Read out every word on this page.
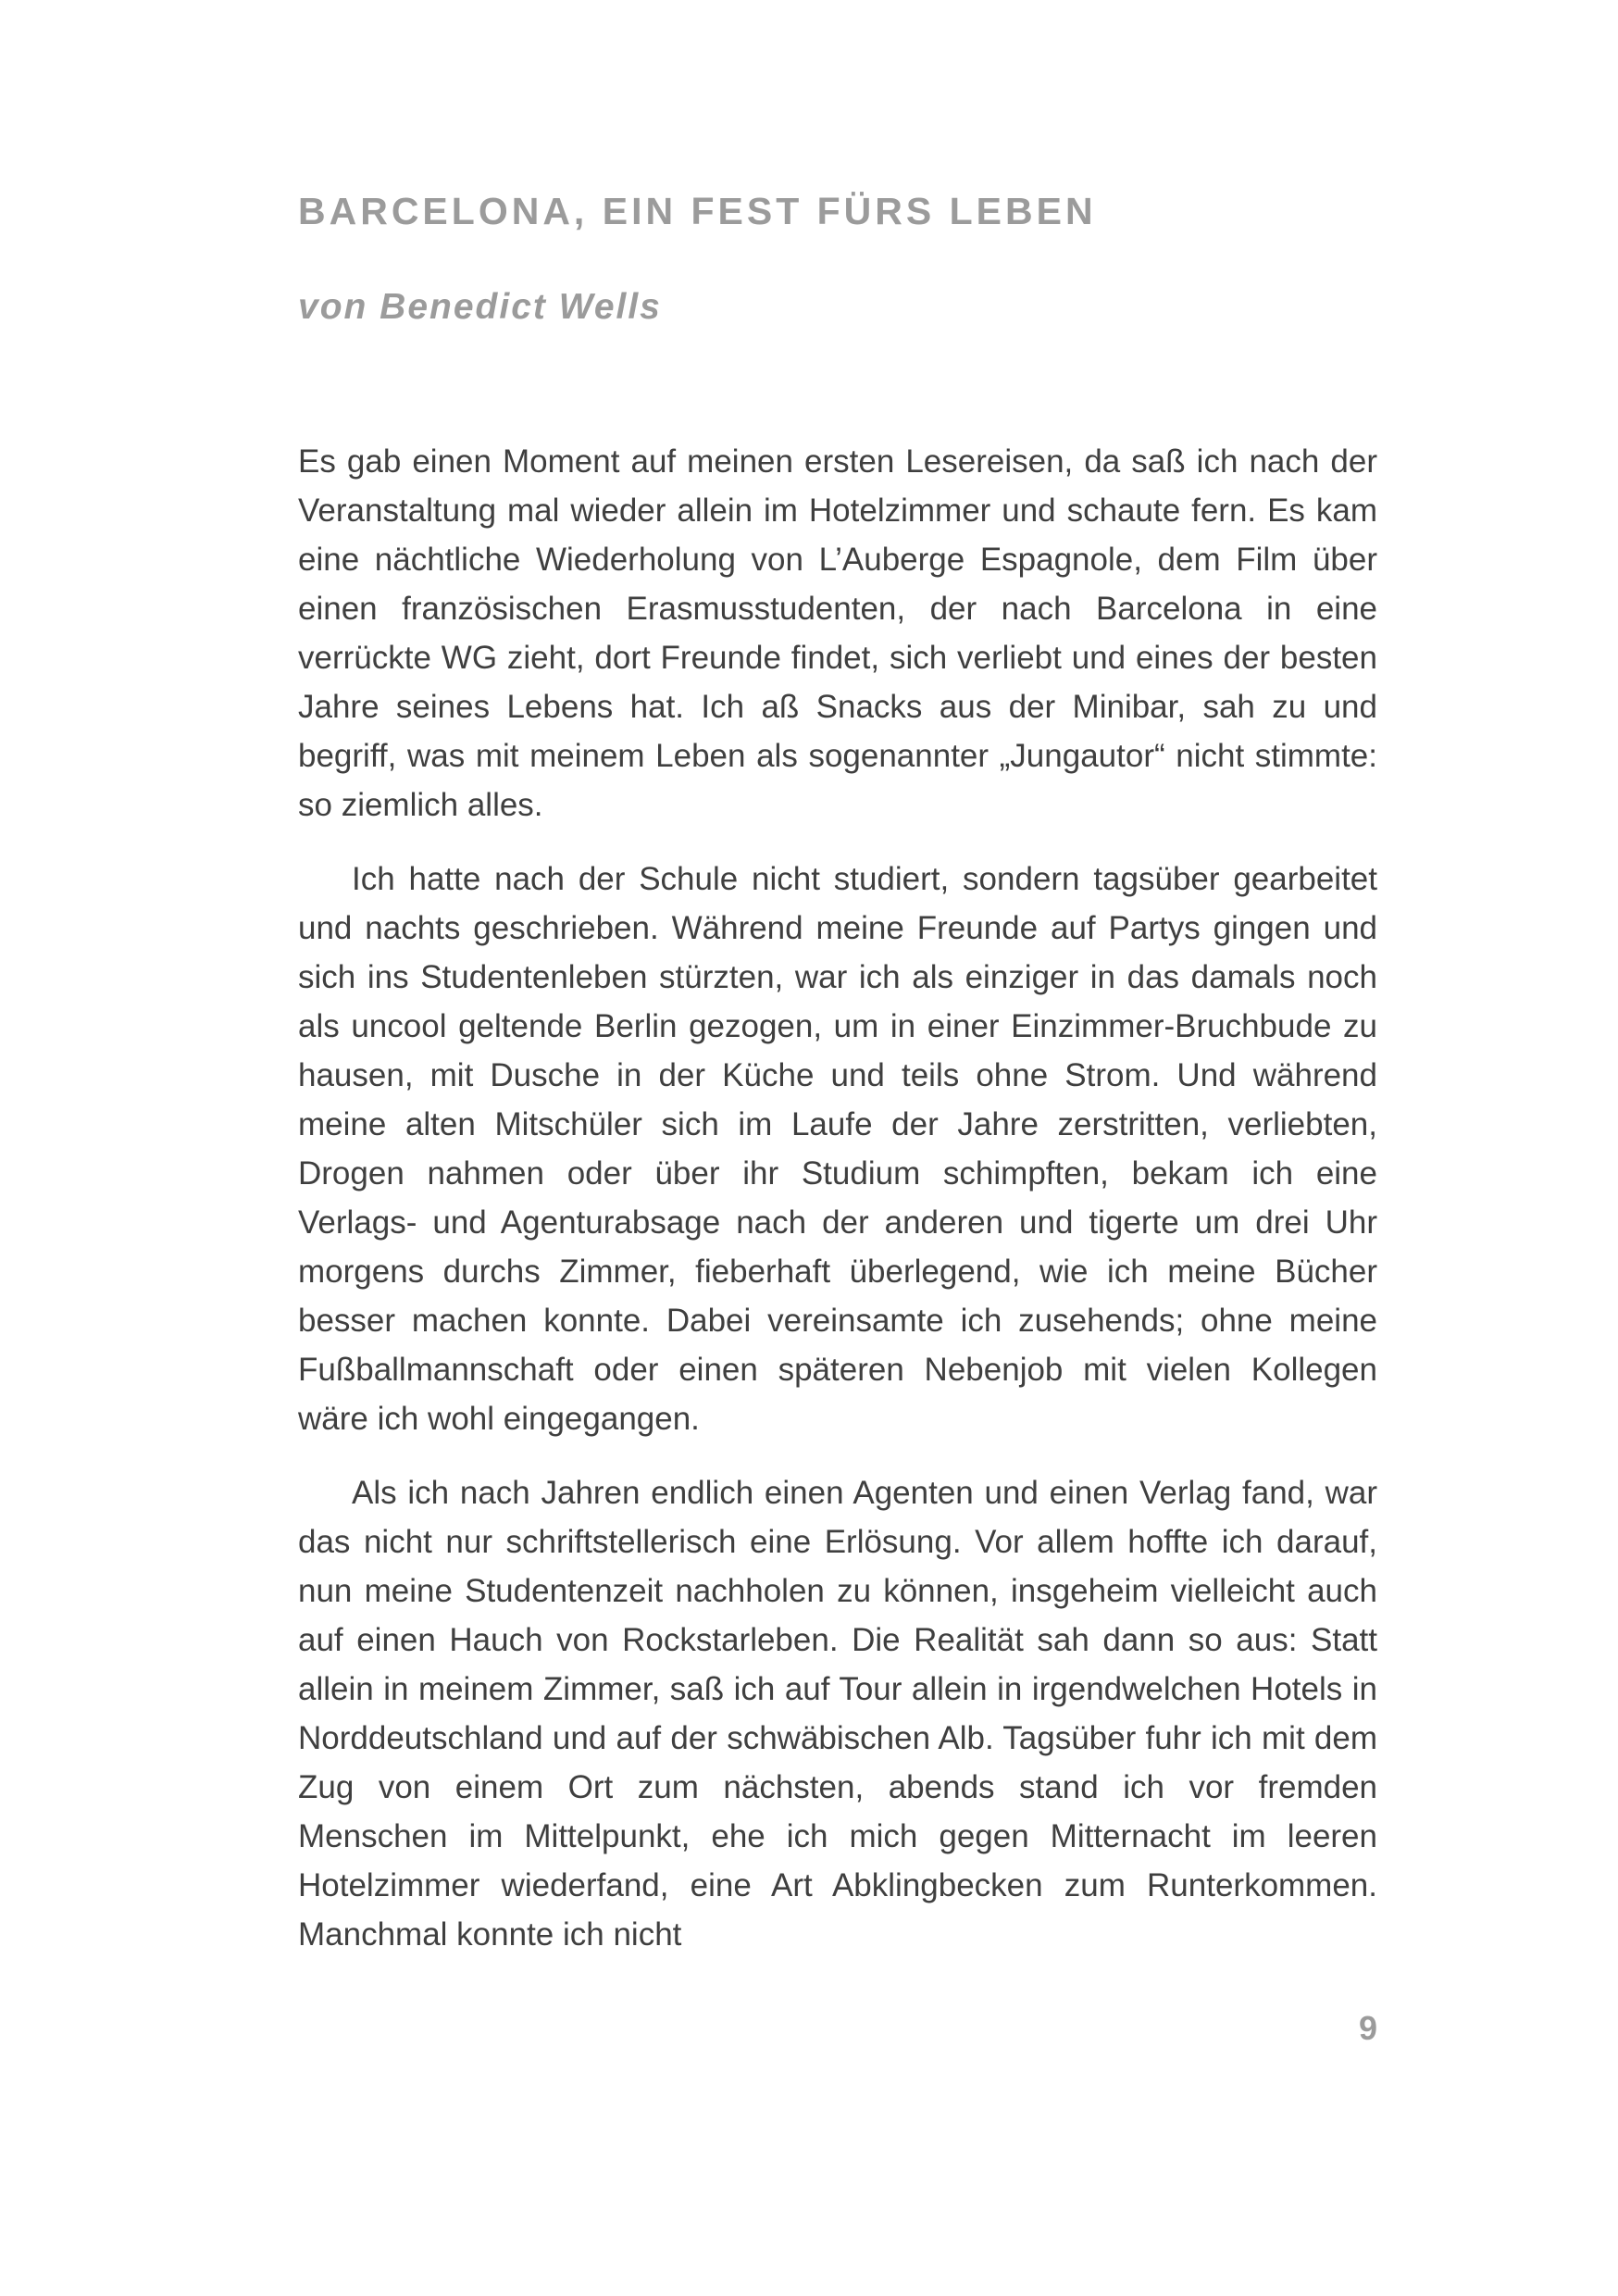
BARCELONA, EIN FEST FÜRS LEBEN
von Benedict Wells

Es gab einen Moment auf meinen ersten Lesereisen, da saß ich nach der Veranstaltung mal wieder allein im Hotelzimmer und schaute fern. Es kam eine nächtliche Wiederholung von L’Auberge Espagnole, dem Film über einen französischen Erasmusstudenten, der nach Barcelona in eine verrückte WG zieht, dort Freunde findet, sich verliebt und eines der besten Jahre seines Lebens hat. Ich aß Snacks aus der Minibar, sah zu und begriff, was mit meinem Leben als sogenannter „Jungautor“ nicht stimmte: so ziemlich alles.

Ich hatte nach der Schule nicht studiert, sondern tagsüber gearbeitet und nachts geschrieben. Während meine Freunde auf Partys gingen und sich ins Studentenleben stürzten, war ich als einziger in das damals noch als uncool geltende Berlin gezogen, um in einer Einzimmer-Bruchbude zu hausen, mit Dusche in der Küche und teils ohne Strom. Und während meine alten Mitschüler sich im Laufe der Jahre zerstritten, verliebten, Drogen nahmen oder über ihr Studium schimpften, bekam ich eine Verlags- und Agenturabsage nach der anderen und tigerte um drei Uhr morgens durchs Zimmer, fieberhaft überlegend, wie ich meine Bücher besser machen konnte. Dabei vereinsamte ich zusehends; ohne meine Fußballmannschaft oder einen späteren Nebenjob mit vielen Kollegen wäre ich wohl eingegangen.

Als ich nach Jahren endlich einen Agenten und einen Verlag fand, war das nicht nur schriftstellerisch eine Erlösung. Vor allem hoffte ich darauf, nun meine Studentenzeit nachholen zu können, insgeheim vielleicht auch auf einen Hauch von Rockstarleben. Die Realität sah dann so aus: Statt allein in meinem Zimmer, saß ich auf Tour allein in irgendwelchen Hotels in Norddeutschland und auf der schwäbischen Alb. Tagsüber fuhr ich mit dem Zug von einem Ort zum nächsten, abends stand ich vor fremden Menschen im Mittelpunkt, ehe ich mich gegen Mitternacht im leeren Hotelzimmer wiederfand, eine Art Abklingbecken zum Runterkommen. Manchmal konnte ich nicht

9
